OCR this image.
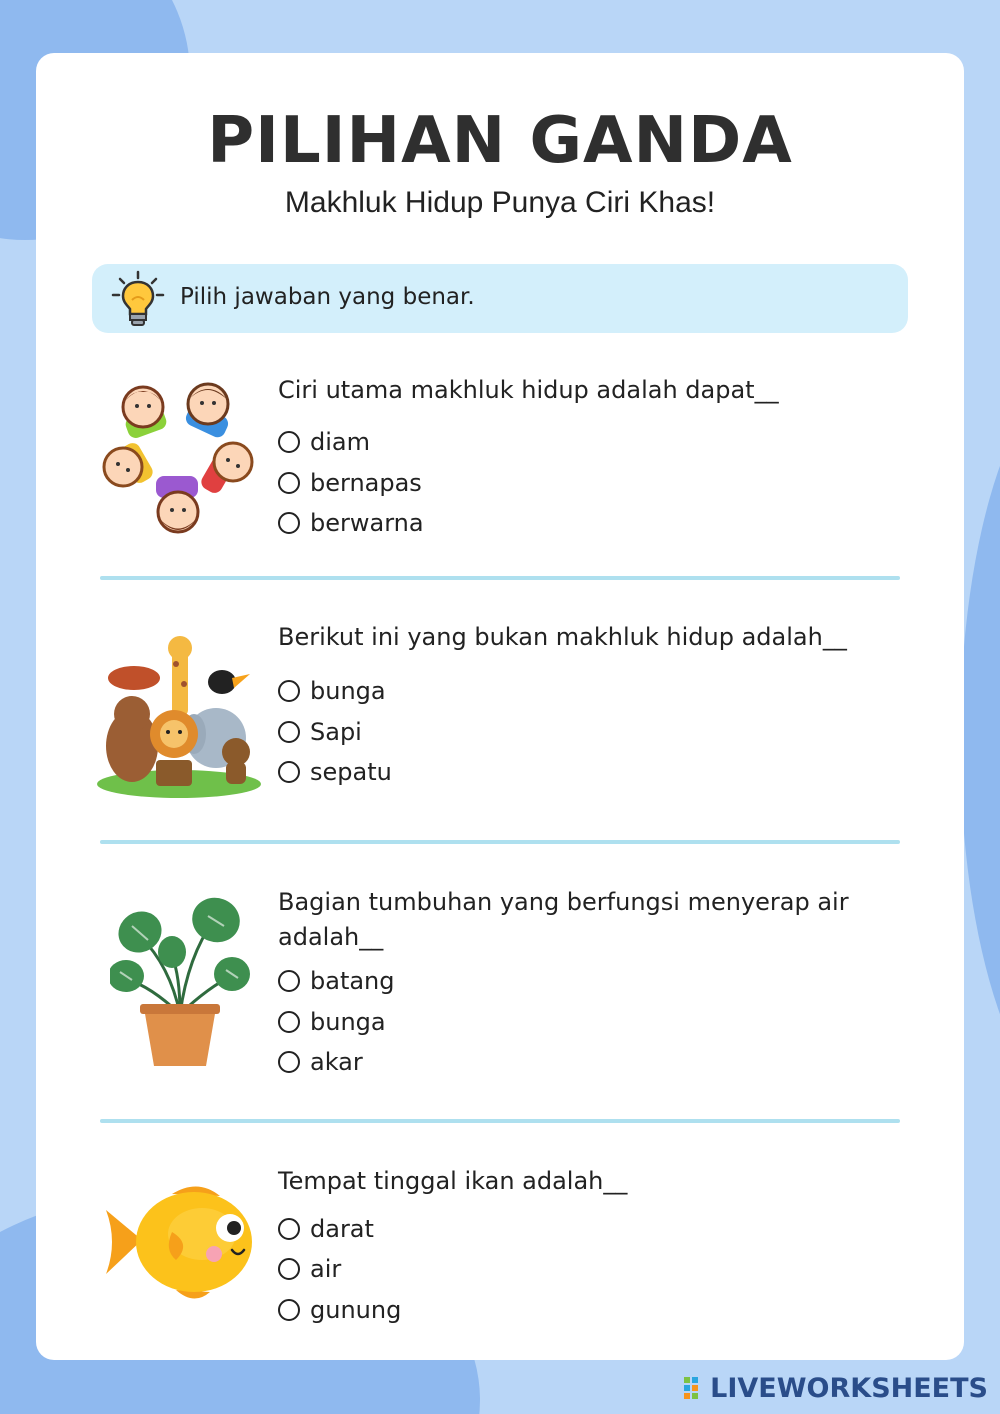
PILIHAN GANDA
Makhluk Hidup Punya Ciri Khas!
Pilih jawaban yang benar.
Ciri utama makhluk hidup adalah dapat__
diam
bernapas
berwarna
Berikut ini yang bukan makhluk hidup adalah__
bunga
Sapi
sepatu
Bagian tumbuhan yang berfungsi menyerap air adalah__
batang
bunga
akar
Tempat tinggal ikan adalah__
darat
air
gunung
LIVEWORKSHEETS
